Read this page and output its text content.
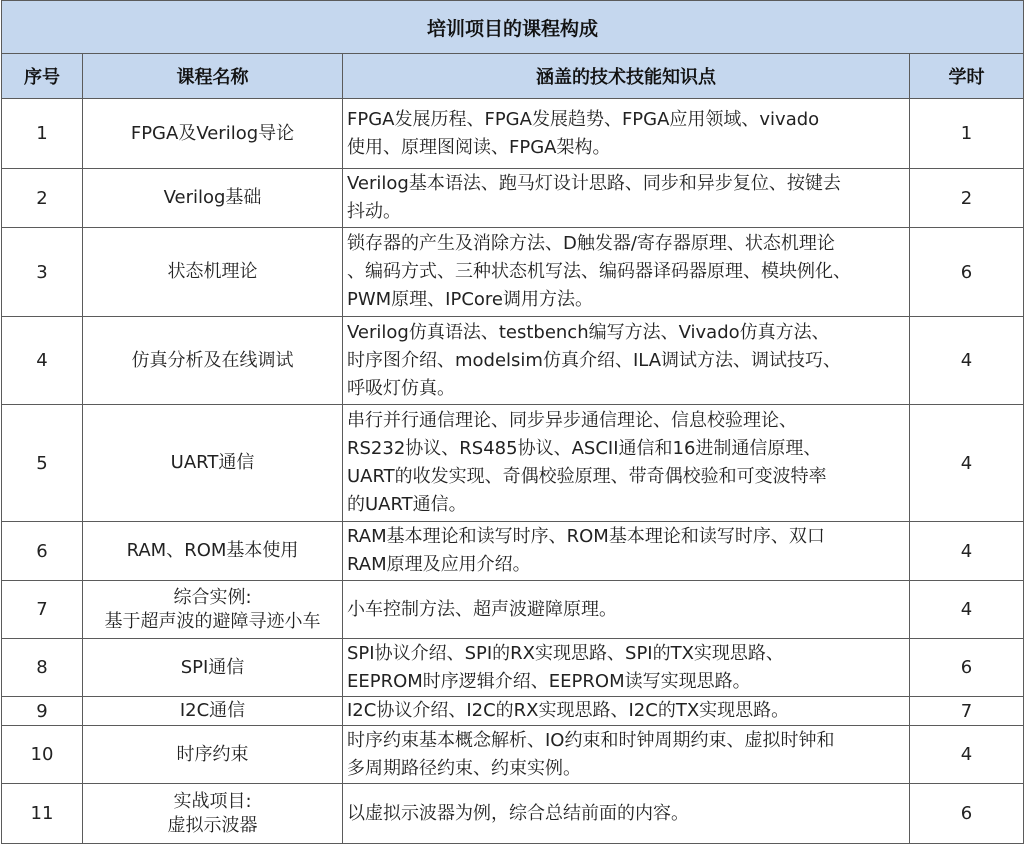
培训项目的课程构成			
序号	课程名称	涵盖的技术技能知识点	学时
1	FPGA及Verilog导论	FPGA发展历程、FPGA发展趋势、FPGA应用领域、vivado
使用、原理图阅读、FPGA架构。	1
2	Verilog基础	Verilog基本语法、跑马灯设计思路、同步和异步复位、按键去
抖动。	2
3	状态机理论	锁存器的产生及消除方法、D触发器/寄存器原理、状态机理论
、编码方式、三种状态机写法、编码器译码器原理、模块例化、
PWM原理、IPCore调用方法。	6
4	仿真分析及在线调试	Verilog仿真语法、testbench编写方法、Vivado仿真方法、
时序图介绍、modelsim仿真介绍、ILA调试方法、调试技巧、
呼吸灯仿真。	4
5	UART通信	串行并行通信理论、同步异步通信理论、信息校验理论、
RS232协议、RS485协议、ASCII通信和16进制通信原理、
UART的收发实现、奇偶校验原理、带奇偶校验和可变波特率
的UART通信。	4
6	RAM、ROM基本使用	RAM基本理论和读写时序、ROM基本理论和读写时序、双口
RAM原理及应用介绍。	4
7	综合实例:
基于超声波的避障寻迹小车	小车控制方法、超声波避障原理。	4
8	SPI通信	SPI协议介绍、SPI的RX实现思路、SPI的TX实现思路、
EEPROM时序逻辑介绍、EEPROM读写实现思路。	6
9	I2C通信	I2C协议介绍、I2C的RX实现思路、I2C的TX实现思路。	7
10	时序约束	时序约束基本概念解析、IO约束和时钟周期约束、虚拟时钟和
多周期路径约束、约束实例。	4
11	实战项目:
虚拟示波器	以虚拟示波器为例，综合总结前面的内容。	6
